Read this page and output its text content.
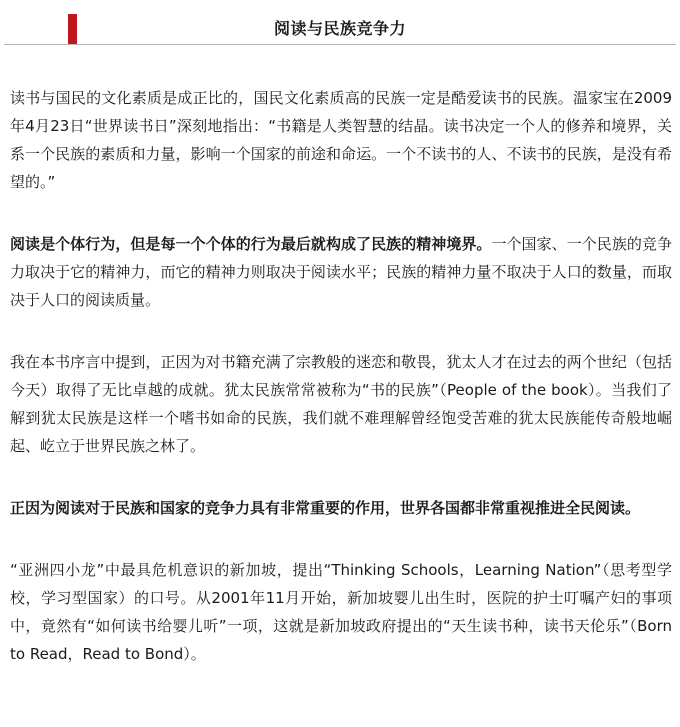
阅读与民族竞争力

读书与国民的文化素质是成正比的，国民文化素质高的民族一定是酷爱读书的民族。温家宝在2009年4月23日“世界读书日”深刻地指出：“书籍是人类智慧的结晶。读书决定一个人的修养和境界，关系一个民族的素质和力量，影响一个国家的前途和命运。一个不读书的人、不读书的民族，是没有希望的。”

阅读是个体行为，但是每一个个体的行为最后就构成了民族的精神境界。一个国家、一个民族的竞争力取决于它的精神力，而它的精神力则取决于阅读水平；民族的精神力量不取决于人口的数量，而取决于人口的阅读质量。

我在本书序言中提到，正因为对书籍充满了宗教般的迷恋和敬畏，犹太人才在过去的两个世纪（包括今天）取得了无比卓越的成就。犹太民族常常被称为“书的民族”（People of the book）。当我们了解到犹太民族是这样一个嗜书如命的民族，我们就不难理解曾经饱受苦难的犹太民族能传奇般地崛起、屹立于世界民族之林了。

正因为阅读对于民族和国家的竞争力具有非常重要的作用，世界各国都非常重视推进全民阅读。

“亚洲四小龙”中最具危机意识的新加坡，提出“Thinking Schools，Learning Nation”（思考型学校，学习型国家）的口号。从2001年11月开始，新加坡婴儿出生时，医院的护士叮嘱产妇的事项中，竟然有“如何读书给婴儿听”一项，这就是新加坡政府提出的“天生读书种，读书天伦乐”（Born to Read，Read to Bond）。
